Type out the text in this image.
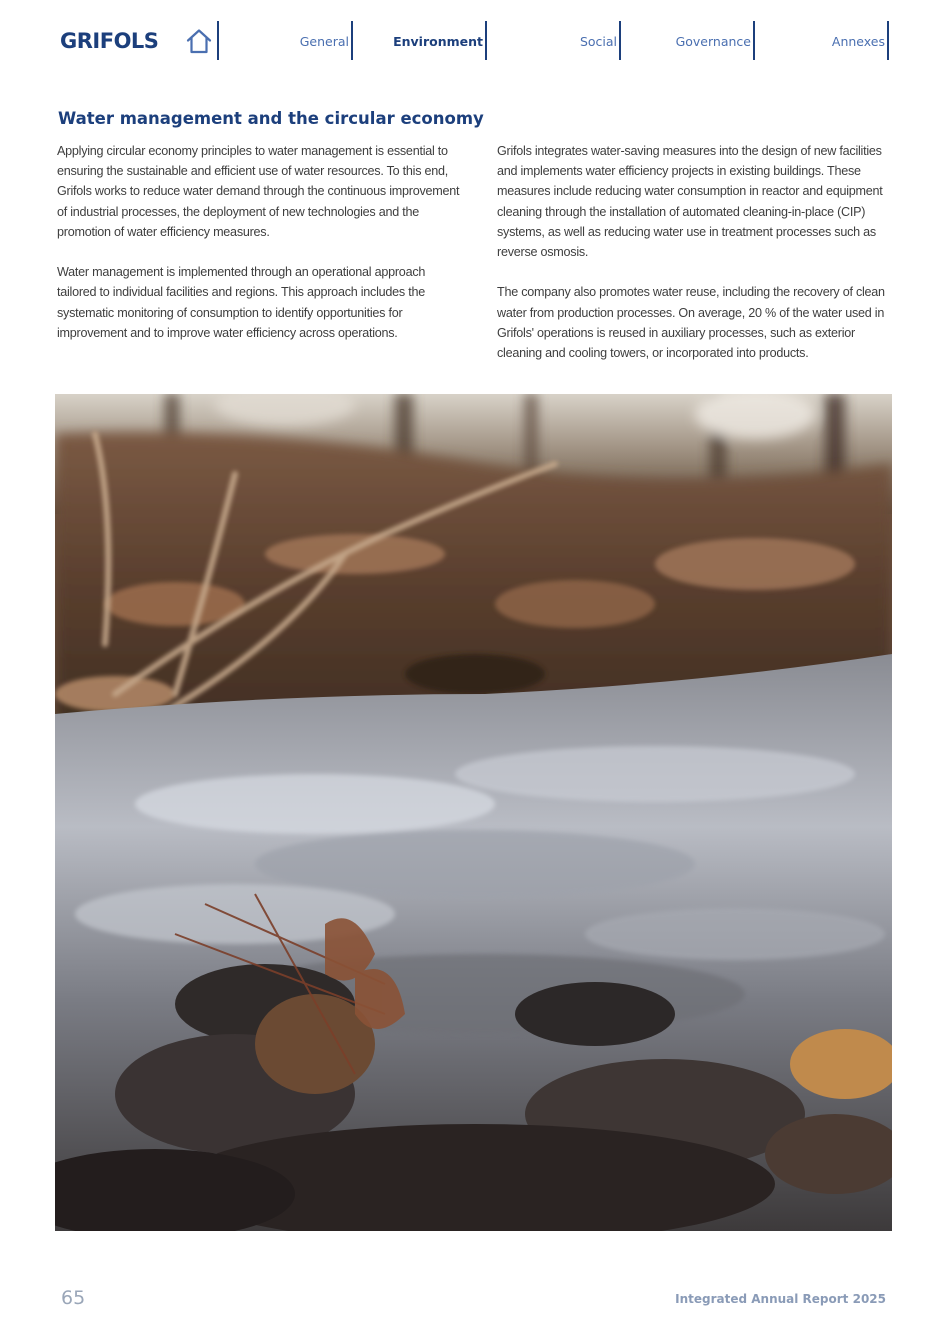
GRIFOLS	General	Environment	Social	Governance	Annexes
Water management and the circular economy

Applying circular economy principles to water management is essential to ensuring the sustainable and efficient use of water resources. To this end, Grifols works to reduce water demand through the continuous improvement of industrial processes, the deployment of new technologies and the promotion of water efficiency measures.

Water management is implemented through an operational approach tailored to individual facilities and regions. This approach includes the systematic monitoring of consumption to identify opportunities for improvement and to improve water efficiency across operations.

Grifols integrates water-saving measures into the design of new facilities and implements water efficiency projects in existing buildings. These measures include reducing water consumption in reactor and equipment cleaning through the installation of automated cleaning-in-place (CIP) systems, as well as reducing water use in treatment processes such as reverse osmosis.

The company also promotes water reuse, including the recovery of clean water from production processes. On average, 20 % of the water used in Grifols' operations is reused in auxiliary processes, such as exterior cleaning and cooling towers, or incorporated into products.

65	Integrated Annual Report 2025
